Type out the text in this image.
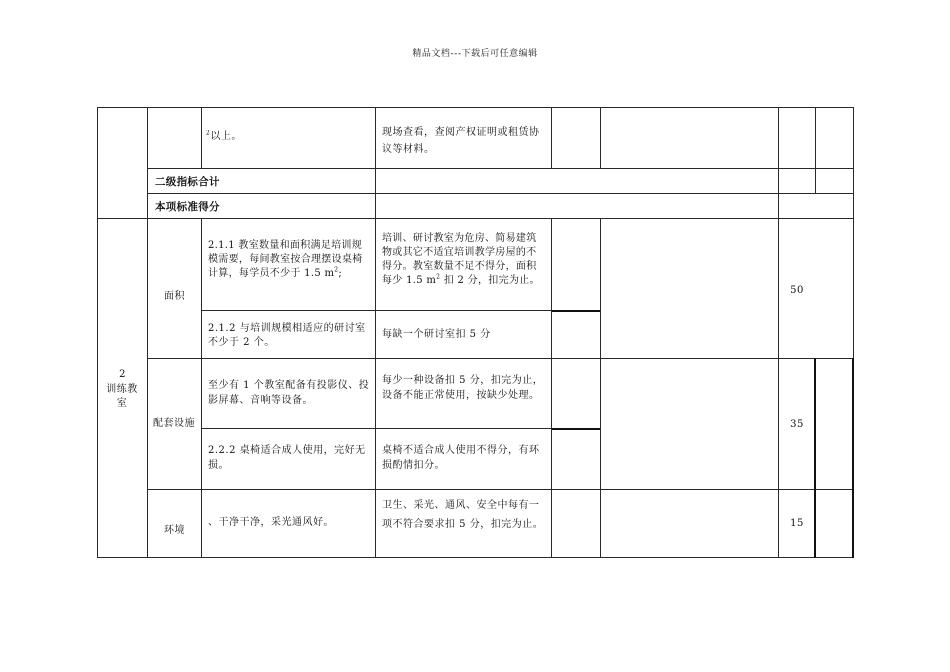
精品文档---下载后可任意编辑
$^2$以上。	现场查看，查阅产权证明或租赁协议等材料。
二级指标合计
本项标准得分
2
训练教室
面积
2.1.1 教室数量和面积满足培训规模需要，每间教室按合理摆设桌椅计算，每学员不少于 1.5 $m^2$;
培训、研讨教室为危房、简易建筑物或其它不适宜培训教学房屋的不得分。教室数量不足不得分，面积每少 1.5 $m^2$ 扣 2 分，扣完为止。
2.1.2 与培训规模相适应的研讨室不少于 2 个。
每缺一个研讨室扣 5 分
50
配套设施
至少有 1 个教室配备有投影仪、投影屏幕、音响等设备。
每少一种设备扣 5 分，扣完为止，设备不能正常使用，按缺少处理。
2.2.2 桌椅适合成人使用，完好无损。
桌椅不适合成人使用不得分，有环损酌情扣分。
35
环境
、干净干净，采光通风好。
卫生、采光、通风、安全中每有一项不符合要求扣 5 分，扣完为止。	15
